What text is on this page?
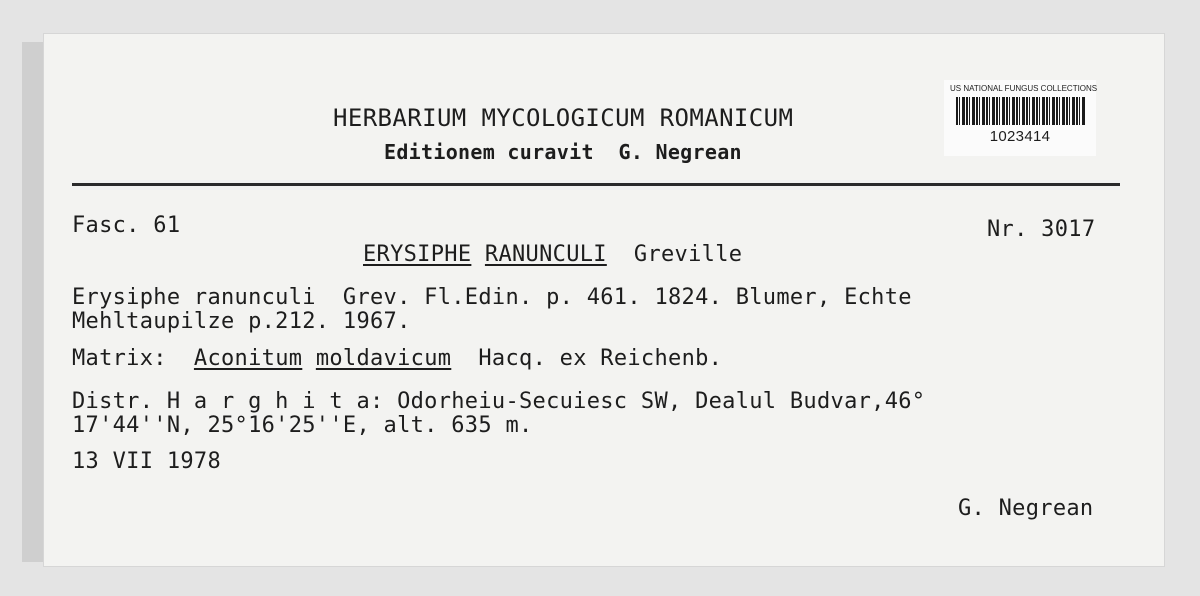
HERBARIUM MYCOLOGICUM ROMANICUM
Editionem curavit  G. Negrean
US NATIONAL FUNGUS COLLECTIONS
1023414
Fasc. 61	Nr. 3017
ERYSIPHE RANUNCULI Greville
Erysiphe ranunculi  Grev. Fl.Edin. p. 461. 1824. Blumer, Echte
Mehltaupilze p.212. 1967.
Matrix: Aconitum moldavicum Hacq. ex Reichenb.
Distr. H a r g h i t a: Odorheiu-Secuiesc SW, Dealul Budvar,46°
17'44''N, 25°16'25''E, alt. 635 m.
13 VII 1978
G. Negrean
